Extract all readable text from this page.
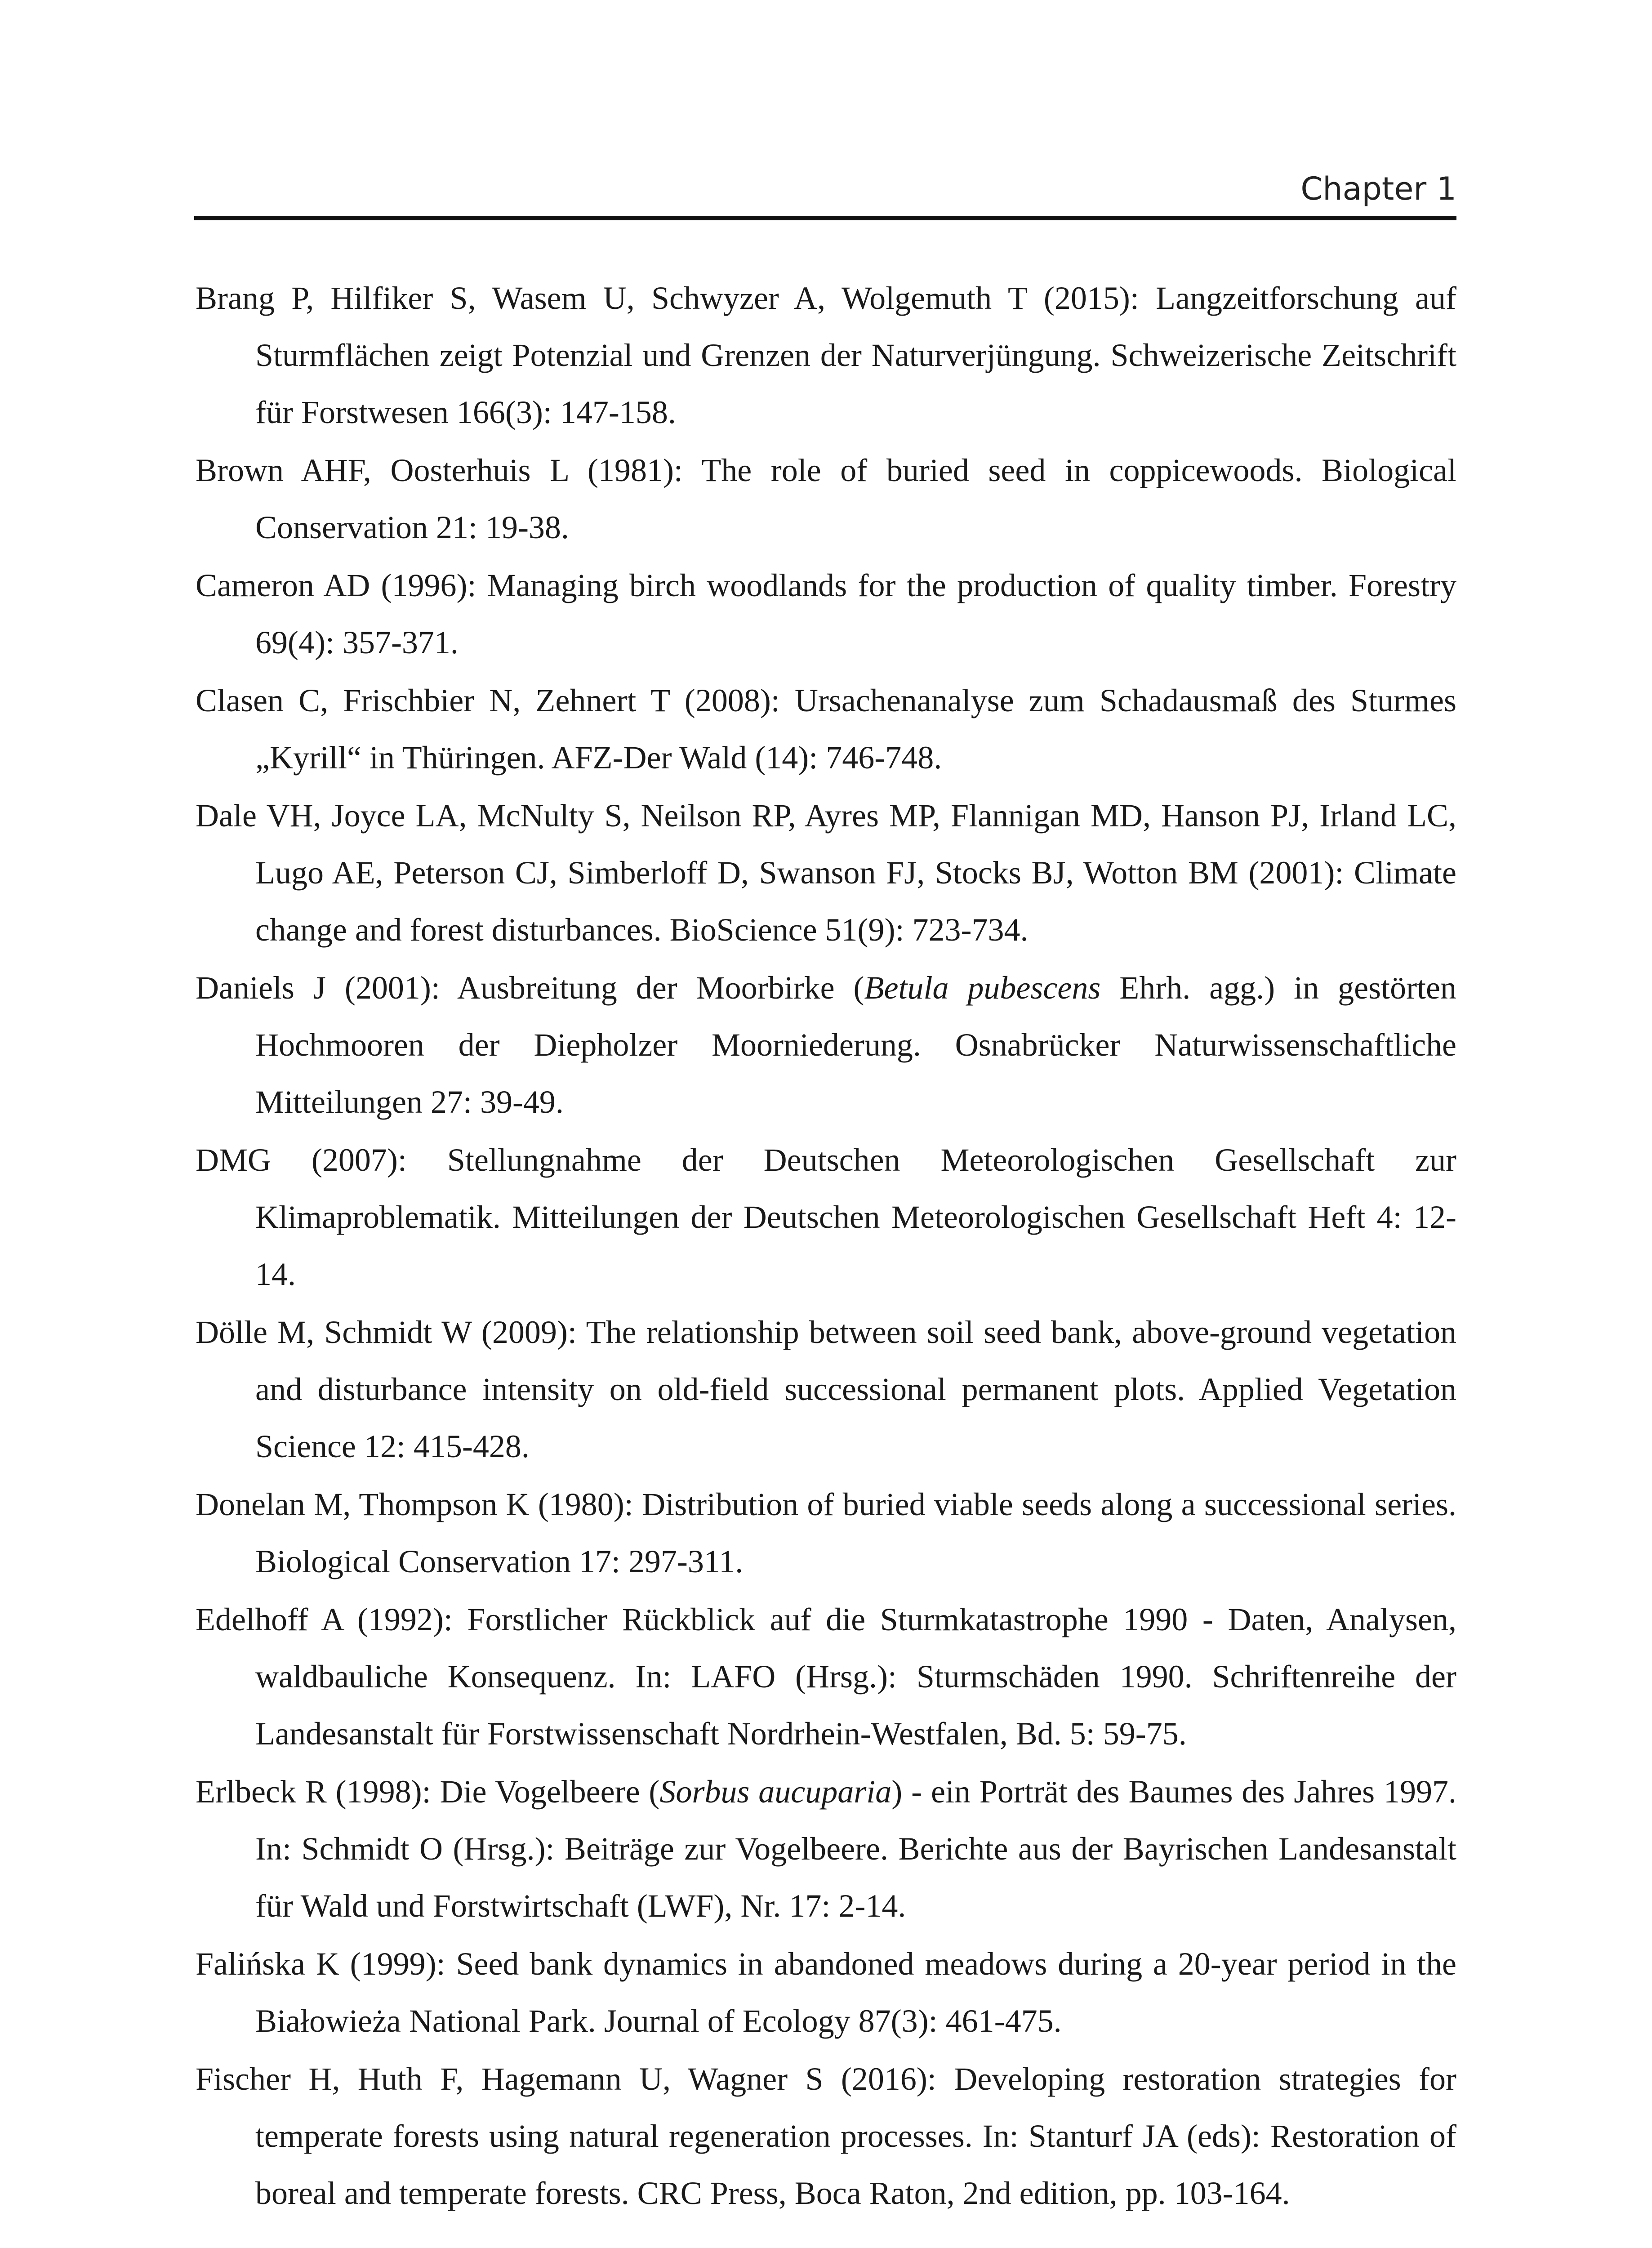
Chapter 1

Brang P, Hilfiker S, Wasem U, Schwyzer A, Wolgemuth T (2015): Langzeitforschung auf Sturmflächen zeigt Potenzial und Grenzen der Naturverjüngung. Schweizerische Zeitschrift für Forstwesen 166(3): 147-158.

Brown AHF, Oosterhuis L (1981): The role of buried seed in coppicewoods. Biological Conservation 21: 19-38.

Cameron AD (1996): Managing birch woodlands for the production of quality timber. Forestry 69(4): 357-371.

Clasen C, Frischbier N, Zehnert T (2008): Ursachenanalyse zum Schadausmaß des Sturmes „Kyrill“ in Thüringen. AFZ-Der Wald (14): 746-748.

Dale VH, Joyce LA, McNulty S, Neilson RP, Ayres MP, Flannigan MD, Hanson PJ, Irland LC, Lugo AE, Peterson CJ, Simberloff D, Swanson FJ, Stocks BJ, Wotton BM (2001): Climate change and forest disturbances. BioScience 51(9): 723-734.

Daniels J (2001): Ausbreitung der Moorbirke (Betula pubescens Ehrh. agg.) in gestörten Hochmooren der Diepholzer Moorniederung. Osnabrücker Naturwissenschaftliche Mitteilungen 27: 39-49.

DMG (2007): Stellungnahme der Deutschen Meteorologischen Gesellschaft zur Klimaproblematik. Mitteilungen der Deutschen Meteorologischen Gesellschaft Heft 4: 12-14.

Dölle M, Schmidt W (2009): The relationship between soil seed bank, above-ground vegetation and disturbance intensity on old-field successional permanent plots. Applied Vegetation Science 12: 415-428.

Donelan M, Thompson K (1980): Distribution of buried viable seeds along a successional series. Biological Conservation 17: 297-311.

Edelhoff A (1992): Forstlicher Rückblick auf die Sturmkatastrophe 1990 - Daten, Analysen, waldbauliche Konsequenz. In: LAFO (Hrsg.): Sturmschäden 1990. Schriftenreihe der Landesanstalt für Forstwissenschaft Nordrhein-Westfalen, Bd. 5: 59-75.

Erlbeck R (1998): Die Vogelbeere (Sorbus aucuparia) - ein Porträt des Baumes des Jahres 1997. In: Schmidt O (Hrsg.): Beiträge zur Vogelbeere. Berichte aus der Bayrischen Landesanstalt für Wald und Forstwirtschaft (LWF), Nr. 17: 2-14.

Falińska K (1999): Seed bank dynamics in abandoned meadows during a 20-year period in the Białowieża National Park. Journal of Ecology 87(3): 461-475.

Fischer H, Huth F, Hagemann U, Wagner S (2016): Developing restoration strategies for temperate forests using natural regeneration processes. In: Stanturf JA (eds): Restoration of boreal and temperate forests. CRC Press, Boca Raton, 2nd edition, pp. 103-164.
